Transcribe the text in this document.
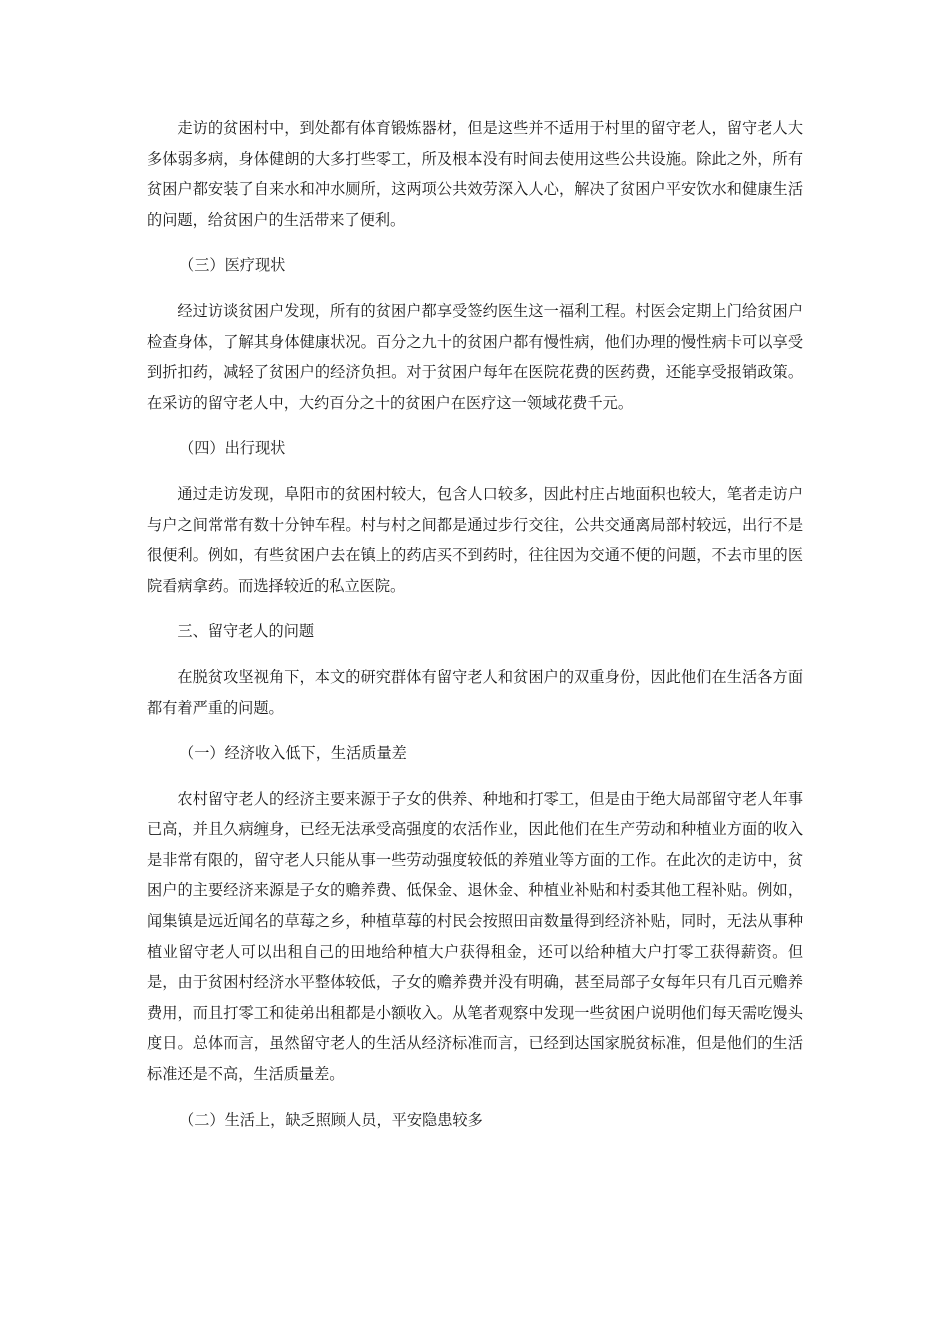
走访的贫困村中，到处都有体育锻炼器材，但是这些并不适用于村里的留守老人，留守老人大多体弱多病，身体健朗的大多打些零工，所及根本没有时间去使用这些公共设施。除此之外，所有贫困户都安装了自来水和冲水厕所，这两项公共效劳深入人心，解决了贫困户平安饮水和健康生活的问题，给贫困户的生活带来了便利。

（三）医疗现状

经过访谈贫困户发现，所有的贫困户都享受签约医生这一福利工程。村医会定期上门给贫困户检查身体，了解其身体健康状况。百分之九十的贫困户都有慢性病，他们办理的慢性病卡可以享受到折扣药，减轻了贫困户的经济负担。对于贫困户每年在医院花费的医药费，还能享受报销政策。在采访的留守老人中，大约百分之十的贫困户在医疗这一领域花费千元。

（四）出行现状

通过走访发现，阜阳市的贫困村较大，包含人口较多，因此村庄占地面积也较大，笔者走访户与户之间常常有数十分钟车程。村与村之间都是通过步行交往，公共交通离局部村较远，出行不是很便利。例如，有些贫困户去在镇上的药店买不到药时，往往因为交通不便的问题，不去市里的医院看病拿药。而选择较近的私立医院。

三、留守老人的问题

在脱贫攻坚视角下，本文的研究群体有留守老人和贫困户的双重身份，因此他们在生活各方面都有着严重的问题。

（一）经济收入低下，生活质量差

农村留守老人的经济主要来源于子女的供养、种地和打零工，但是由于绝大局部留守老人年事已高，并且久病缠身，已经无法承受高强度的农活作业，因此他们在生产劳动和种植业方面的收入是非常有限的，留守老人只能从事一些劳动强度较低的养殖业等方面的工作。在此次的走访中，贫困户的主要经济来源是子女的赡养费、低保金、退休金、种植业补贴和村委其他工程补贴。例如，闻集镇是远近闻名的草莓之乡，种植草莓的村民会按照田亩数量得到经济补贴，同时，无法从事种植业留守老人可以出租自己的田地给种植大户获得租金，还可以给种植大户打零工获得薪资。但是，由于贫困村经济水平整体较低，子女的赡养费并没有明确，甚至局部子女每年只有几百元赡养费用，而且打零工和徒弟出租都是小额收入。从笔者观察中发现一些贫困户说明他们每天需吃馒头度日。总体而言，虽然留守老人的生活从经济标准而言，已经到达国家脱贫标准，但是他们的生活标准还是不高，生活质量差。

（二）生活上，缺乏照顾人员，平安隐患较多
